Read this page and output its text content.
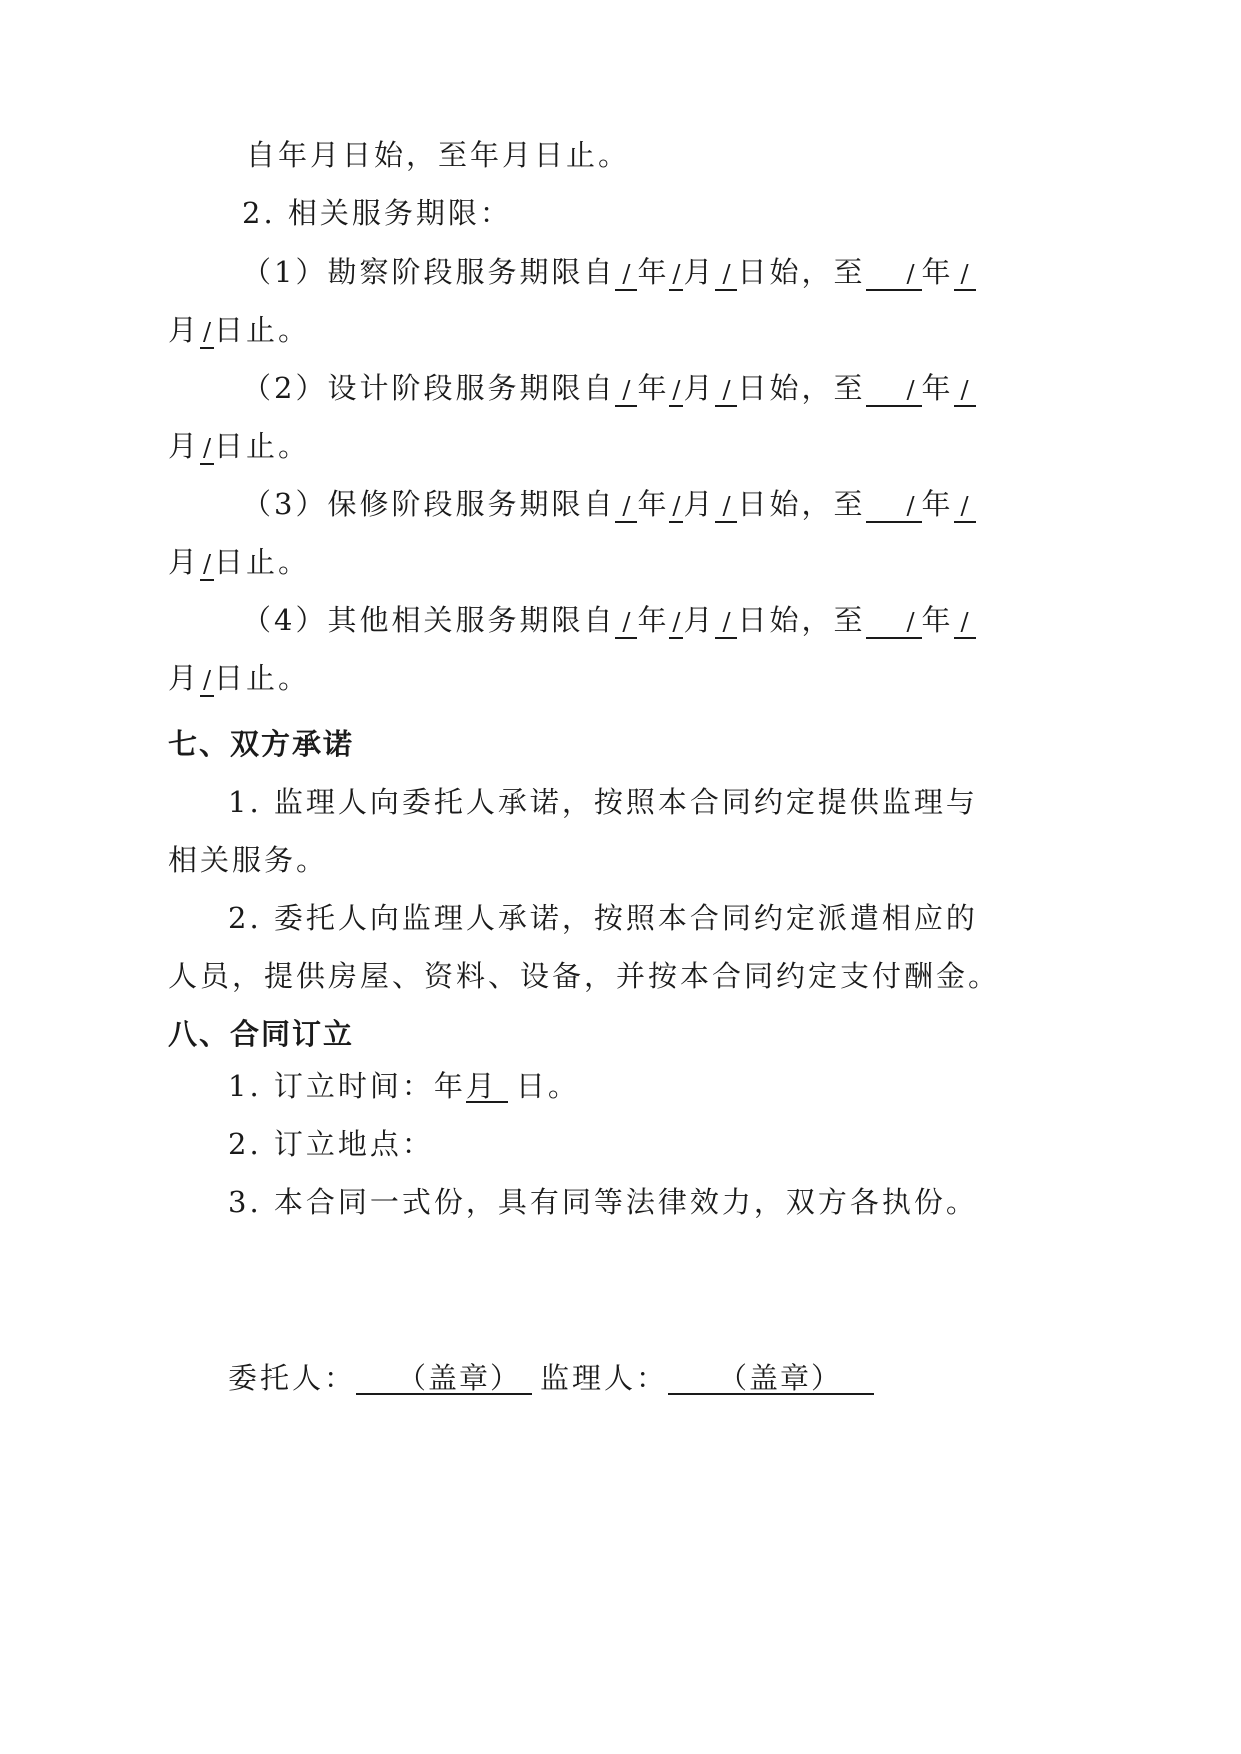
自年月日始，至年月日止。
2. 相关服务期限：
（1）勘察阶段服务期限自 / 年 / 月 / 日始，至 / 年 /
月 / 日止。
（2）设计阶段服务期限自 / 年 / 月 / 日始，至 / 年 /
月 / 日止。
（3）保修阶段服务期限自 / 年 / 月 / 日始，至 / 年 /
月 / 日止。
（4）其他相关服务期限自 / 年 / 月 / 日始，至 / 年 /
月 / 日止。
七、双方承诺
1. 监理人向委托人承诺，按照本合同约定提供监理与
相关服务。
2. 委托人向监理人承诺，按照本合同约定派遣相应的
人员，提供房屋、资料、设备，并按本合同约定支付酬金。
八、合同订立
1. 订立时间：年月 日。
2. 订立地点：
3. 本合同一式份，具有同等法律效力，双方各执份。
委托人： （盖章） 监理人： （盖章）
